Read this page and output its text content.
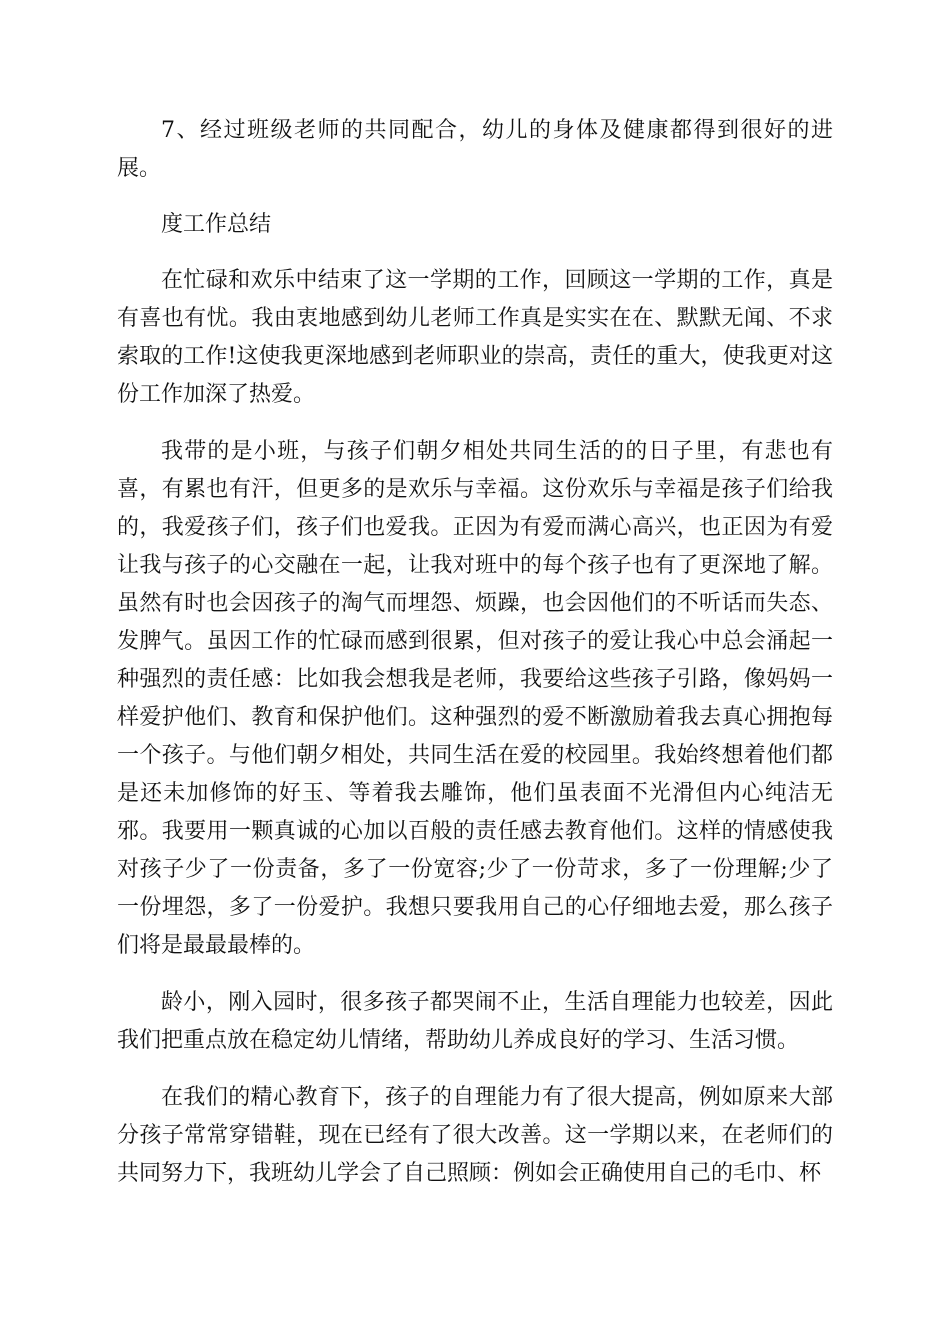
7、经过班级老师的共同配合，幼儿的身体及健康都得到很好的进展。

度工作总结

在忙碌和欢乐中结束了这一学期的工作，回顾这一学期的工作，真是有喜也有忧。我由衷地感到幼儿老师工作真是实实在在、默默无闻、不求索取的工作!这使我更深地感到老师职业的崇高，责任的重大，使我更对这份工作加深了热爱。

我带的是小班，与孩子们朝夕相处共同生活的的日子里，有悲也有喜，有累也有汗，但更多的是欢乐与幸福。这份欢乐与幸福是孩子们给我的，我爱孩子们，孩子们也爱我。正因为有爱而满心高兴，也正因为有爱让我与孩子的心交融在一起，让我对班中的每个孩子也有了更深地了解。虽然有时也会因孩子的淘气而埋怨、烦躁，也会因他们的不听话而失态、发脾气。虽因工作的忙碌而感到很累，但对孩子的爱让我心中总会涌起一种强烈的责任感：比如我会想我是老师，我要给这些孩子引路，像妈妈一样爱护他们、教育和保护他们。这种强烈的爱不断激励着我去真心拥抱每一个孩子。与他们朝夕相处，共同生活在爱的校园里。我始终想着他们都是还未加修饰的好玉、等着我去雕饰，他们虽表面不光滑但内心纯洁无邪。我要用一颗真诚的心加以百般的责任感去教育他们。这样的情感使我对孩子少了一份责备，多了一份宽容;少了一份苛求，多了一份理解;少了一份埋怨，多了一份爱护。我想只要我用自己的心仔细地去爱，那么孩子们将是最最最棒的。

龄小，刚入园时，很多孩子都哭闹不止，生活自理能力也较差，因此我们把重点放在稳定幼儿情绪，帮助幼儿养成良好的学习、生活习惯。

在我们的精心教育下，孩子的自理能力有了很大提高，例如原来大部分孩子常常穿错鞋，现在已经有了很大改善。这一学期以来，在老师们的共同努力下，我班幼儿学会了自己照顾：例如会正确使用自己的毛巾、杯
